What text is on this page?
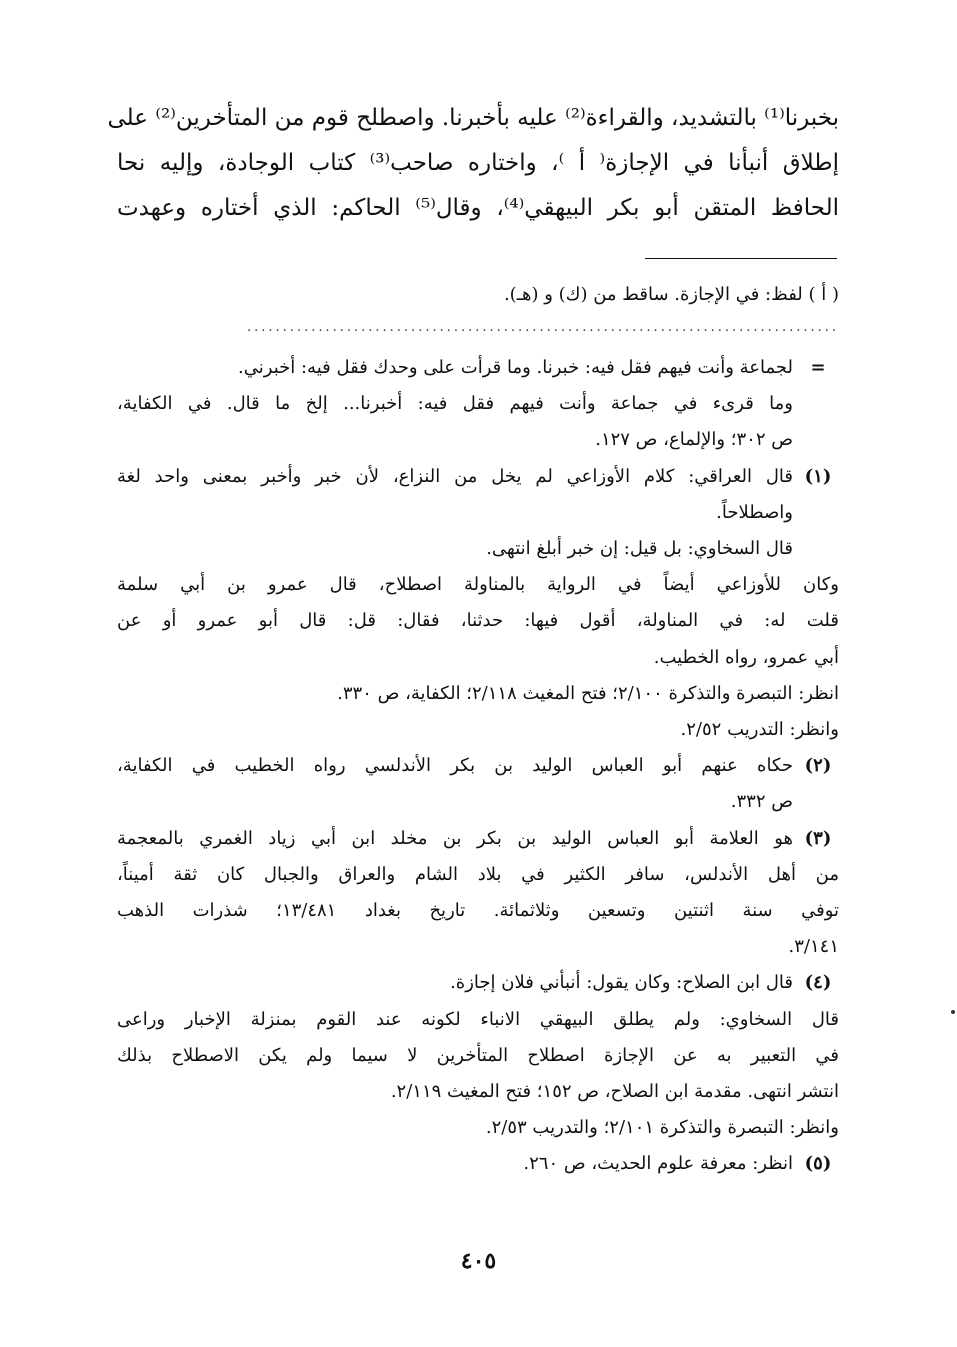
بخبرنا⁽¹⁾ بالتشديد، والقراءة⁽²⁾ عليه بأخبرنا. واصطلح قوم من المتأخرين⁽²⁾ على
إطلاق أنبأنا في الإجازة⁽ أ ⁾، واختاره صاحب⁽³⁾ كتاب الوجادة، وإليه نحا
الحافظ المتقن أبو بكر البيهقي⁽⁴⁾، وقال⁽⁵⁾ الحاكم: الذي أختاره وعهدت
( أ ) لفظ: في الإجازة. ساقط من (ك) و (هـ).
...................................................................................
=
لجماعة وأنت فيهم فقل فيه: خبرنا. وما قرأت على وحدك فقل فيه: أخبرني.
وما قرىء في جماعة وأنت فيهم فقل فيه: أخبرنا... إلخ ما قال. في الكفاية،
ص ٣٠٢؛ والإلماع، ص ١٢٧.
(١)
قال العراقي: كلام الأوزاعي لم يخل من النزاع، لأن خبر وأخبر بمعنى واحد لغة
واصطلاحاً.
قال السخاوي: بل قيل: إن خبر أبلغ انتهى.
وكان للأوزاعي أيضاً في الرواية بالمناولة اصطلاح، قال عمرو بن أبي سلمة
قلت له: في المناولة، أقول فيها: حدثنا، فقال: قل: قال أبو عمرو أو عن
أبي عمرو، رواه الخطيب.
انظر: التبصرة والتذكرة ٢/١٠٠؛ فتح المغيث ٢/١١٨؛ الكفاية، ص ٣٣٠.
وانظر: التدريب ٢/٥٢.
(٢)
حكاه عنهم أبو العباس الوليد بن بكر الأندلسي رواه الخطيب في الكفاية،
ص ٣٣٢.
(٣)
هو العلامة أبو العباس الوليد بن بكر بن مخلد ابن أبي زياد الغمري بالمعجمة
من أهل الأندلس، سافر الكثير في بلاد الشام والعراق والجبال كان ثقة أميناً،
توفي سنة اثنتين وتسعين وثلاثمائة. تاريخ بغداد ١٣/٤٨١؛ شذرات الذهب
٣/١٤١.
(٤)
قال ابن الصلاح: وكان يقول: أنبأني فلان إجازة.
قال السخاوي: ولم يطلق البيهقي الانباء لكونه عند القوم بمنزلة الإخبار وراعى
في التعبير به عن الإجازة اصطلاح المتأخرين لا سيما ولم يكن الاصطلاح بذلك
انتشر انتهى. مقدمة ابن الصلاح، ص ١٥٢؛ فتح المغيث ٢/١١٩.
وانظر: التبصرة والتذكرة ٢/١٠١؛ والتدريب ٢/٥٣.
(٥)
انظر: معرفة علوم الحديث، ص ٢٦٠.
٤٠٥
